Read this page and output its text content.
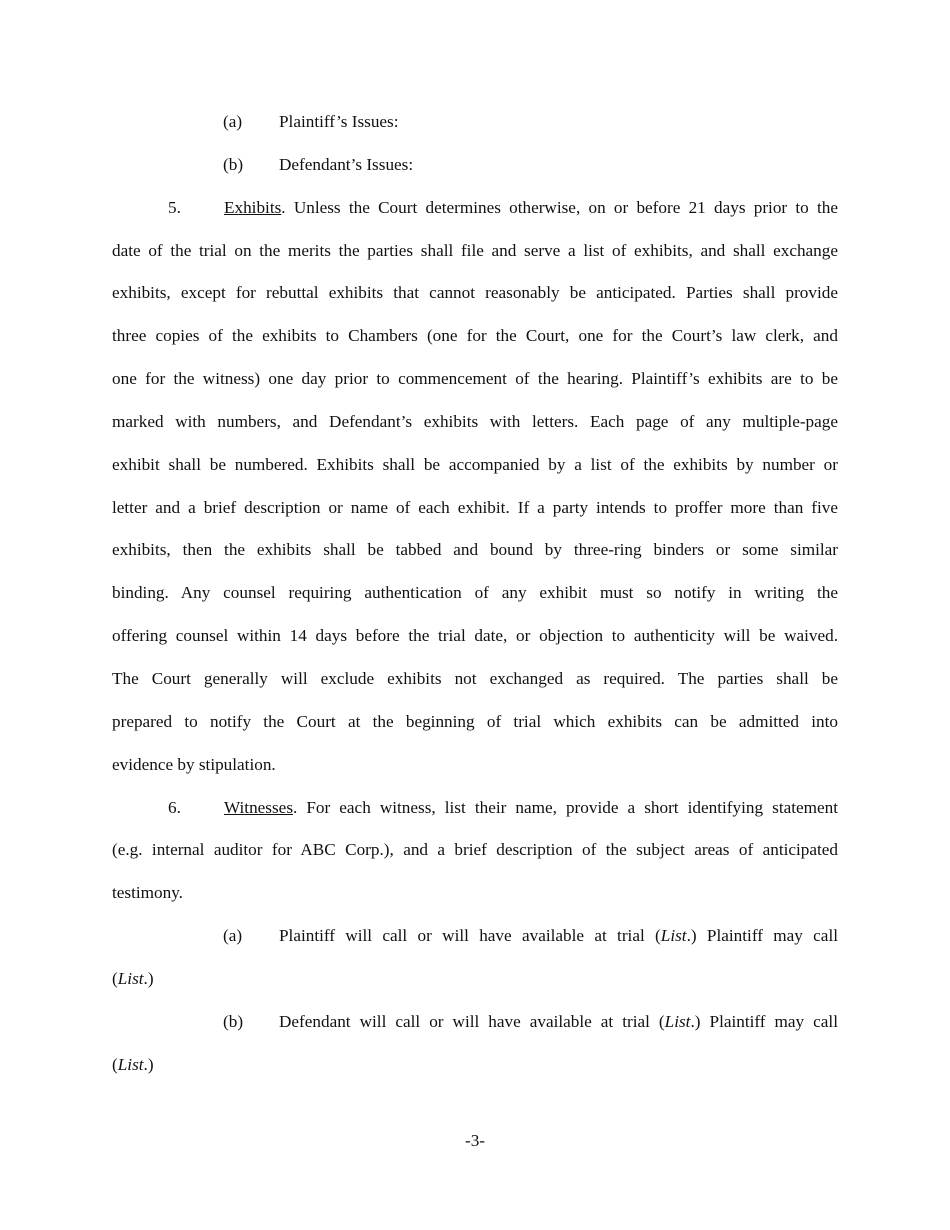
(a) Plaintiff’s Issues:
(b) Defendant’s Issues:
5.	Exhibits. Unless the Court determines otherwise, on or before 21 days prior to the
date of the trial on the merits the parties shall file and serve a list of exhibits, and shall exchange
exhibits, except for rebuttal exhibits that cannot reasonably be anticipated. Parties shall provide
three copies of the exhibits to Chambers (one for the Court, one for the Court’s law clerk, and
one for the witness) one day prior to commencement of the hearing. Plaintiff’s exhibits are to be
marked with numbers, and Defendant’s exhibits with letters. Each page of any multiple-page
exhibit shall be numbered. Exhibits shall be accompanied by a list of the exhibits by number or
letter and a brief description or name of each exhibit. If a party intends to proffer more than five
exhibits, then the exhibits shall be tabbed and bound by three-ring binders or some similar
binding. Any counsel requiring authentication of any exhibit must so notify in writing the
offering counsel within 14 days before the trial date, or objection to authenticity will be waived.
The Court generally will exclude exhibits not exchanged as required. The parties shall be
prepared to notify the Court at the beginning of trial which exhibits can be admitted into
evidence by stipulation.
6.	Witnesses. For each witness, list their name, provide a short identifying statement
(e.g. internal auditor for ABC Corp.), and a brief description of the subject areas of anticipated
testimony.
(a) Plaintiff will call or will have available at trial (List.) Plaintiff may call
(List.)
(b) Defendant will call or will have available at trial (List.) Plaintiff may call
(List.)
-3-
